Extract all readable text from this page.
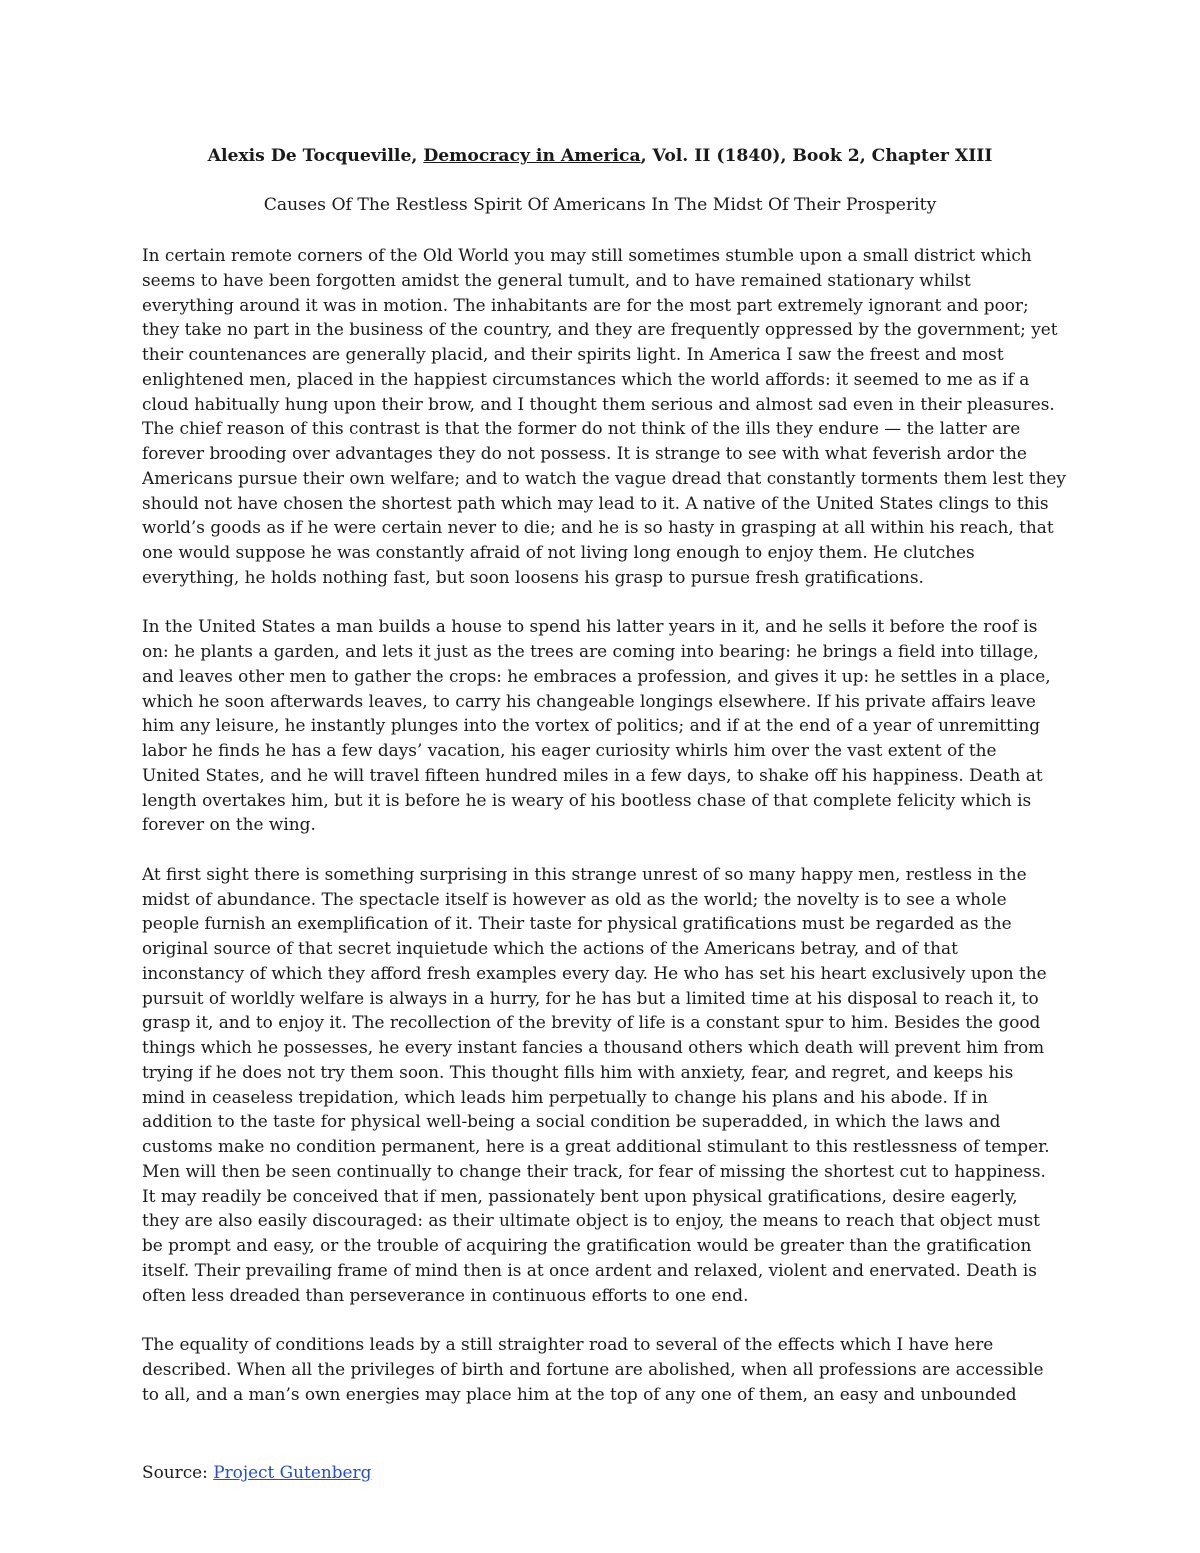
Alexis De Tocqueville, Democracy in America, Vol. II (1840), Book 2, Chapter XIII
Causes Of The Restless Spirit Of Americans In The Midst Of Their Prosperity
In certain remote corners of the Old World you may still sometimes stumble upon a small district which
seems to have been forgotten amidst the general tumult, and to have remained stationary whilst
everything around it was in motion. The inhabitants are for the most part extremely ignorant and poor;
they take no part in the business of the country, and they are frequently oppressed by the government; yet
their countenances are generally placid, and their spirits light. In America I saw the freest and most
enlightened men, placed in the happiest circumstances which the world affords: it seemed to me as if a
cloud habitually hung upon their brow, and I thought them serious and almost sad even in their pleasures.
The chief reason of this contrast is that the former do not think of the ills they endure — the latter are
forever brooding over advantages they do not possess. It is strange to see with what feverish ardor the
Americans pursue their own welfare; and to watch the vague dread that constantly torments them lest they
should not have chosen the shortest path which may lead to it. A native of the United States clings to this
world’s goods as if he were certain never to die; and he is so hasty in grasping at all within his reach, that
one would suppose he was constantly afraid of not living long enough to enjoy them. He clutches
everything, he holds nothing fast, but soon loosens his grasp to pursue fresh gratifications.
In the United States a man builds a house to spend his latter years in it, and he sells it before the roof is
on: he plants a garden, and lets it just as the trees are coming into bearing: he brings a field into tillage,
and leaves other men to gather the crops: he embraces a profession, and gives it up: he settles in a place,
which he soon afterwards leaves, to carry his changeable longings elsewhere. If his private affairs leave
him any leisure, he instantly plunges into the vortex of politics; and if at the end of a year of unremitting
labor he finds he has a few days’ vacation, his eager curiosity whirls him over the vast extent of the
United States, and he will travel fifteen hundred miles in a few days, to shake off his happiness. Death at
length overtakes him, but it is before he is weary of his bootless chase of that complete felicity which is
forever on the wing.
At first sight there is something surprising in this strange unrest of so many happy men, restless in the
midst of abundance. The spectacle itself is however as old as the world; the novelty is to see a whole
people furnish an exemplification of it. Their taste for physical gratifications must be regarded as the
original source of that secret inquietude which the actions of the Americans betray, and of that
inconstancy of which they afford fresh examples every day. He who has set his heart exclusively upon the
pursuit of worldly welfare is always in a hurry, for he has but a limited time at his disposal to reach it, to
grasp it, and to enjoy it. The recollection of the brevity of life is a constant spur to him. Besides the good
things which he possesses, he every instant fancies a thousand others which death will prevent him from
trying if he does not try them soon. This thought fills him with anxiety, fear, and regret, and keeps his
mind in ceaseless trepidation, which leads him perpetually to change his plans and his abode. If in
addition to the taste for physical well-being a social condition be superadded, in which the laws and
customs make no condition permanent, here is a great additional stimulant to this restlessness of temper.
Men will then be seen continually to change their track, for fear of missing the shortest cut to happiness.
It may readily be conceived that if men, passionately bent upon physical gratifications, desire eagerly,
they are also easily discouraged: as their ultimate object is to enjoy, the means to reach that object must
be prompt and easy, or the trouble of acquiring the gratification would be greater than the gratification
itself. Their prevailing frame of mind then is at once ardent and relaxed, violent and enervated. Death is
often less dreaded than perseverance in continuous efforts to one end.
The equality of conditions leads by a still straighter road to several of the effects which I have here
described. When all the privileges of birth and fortune are abolished, when all professions are accessible
to all, and a man’s own energies may place him at the top of any one of them, an easy and unbounded
Source: Project Gutenberg
